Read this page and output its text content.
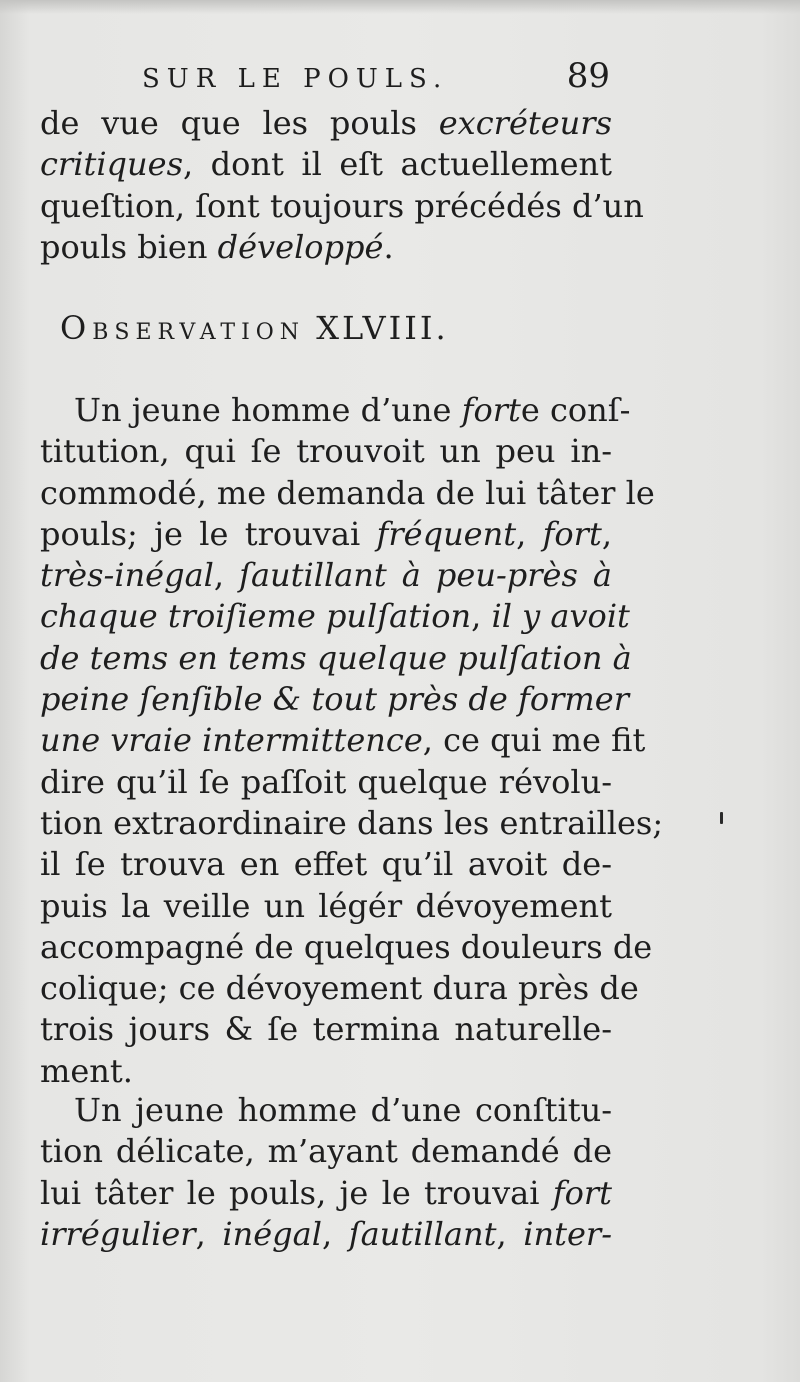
SUR LE POULS.	89
de vue que les pouls excréteurs
critiques, dont il eſt actuellement
queſtion, ſont toujours précédés d’un
pouls bien développé.
Observation XLVIII.
Un jeune homme d’une forte conſ-
titution, qui ſe trouvoit un peu in-
commodé, me demanda de lui tâter le
pouls; je le trouvai fréquent, fort,
très-inégal, ſautillant à peu-près à
chaque troiſieme pulſation, il y avoit
de tems en tems quelque pulſation à
peine ſenſible & tout près de former
une vraie intermittence, ce qui me fit
dire qu’il ſe paſſoit quelque révolu-
tion extraordinaire dans les entrailles;
il ſe trouva en effet qu’il avoit de-
puis la veille un légér dévoyement
accompagné de quelques douleurs de
colique; ce dévoyement dura près de
trois jours & ſe termina naturelle-
ment.
Un jeune homme d’une conſtitu-
tion délicate, m’ayant demandé de
lui tâter le pouls, je le trouvai fort
irrégulier, inégal, ſautillant, inter-
